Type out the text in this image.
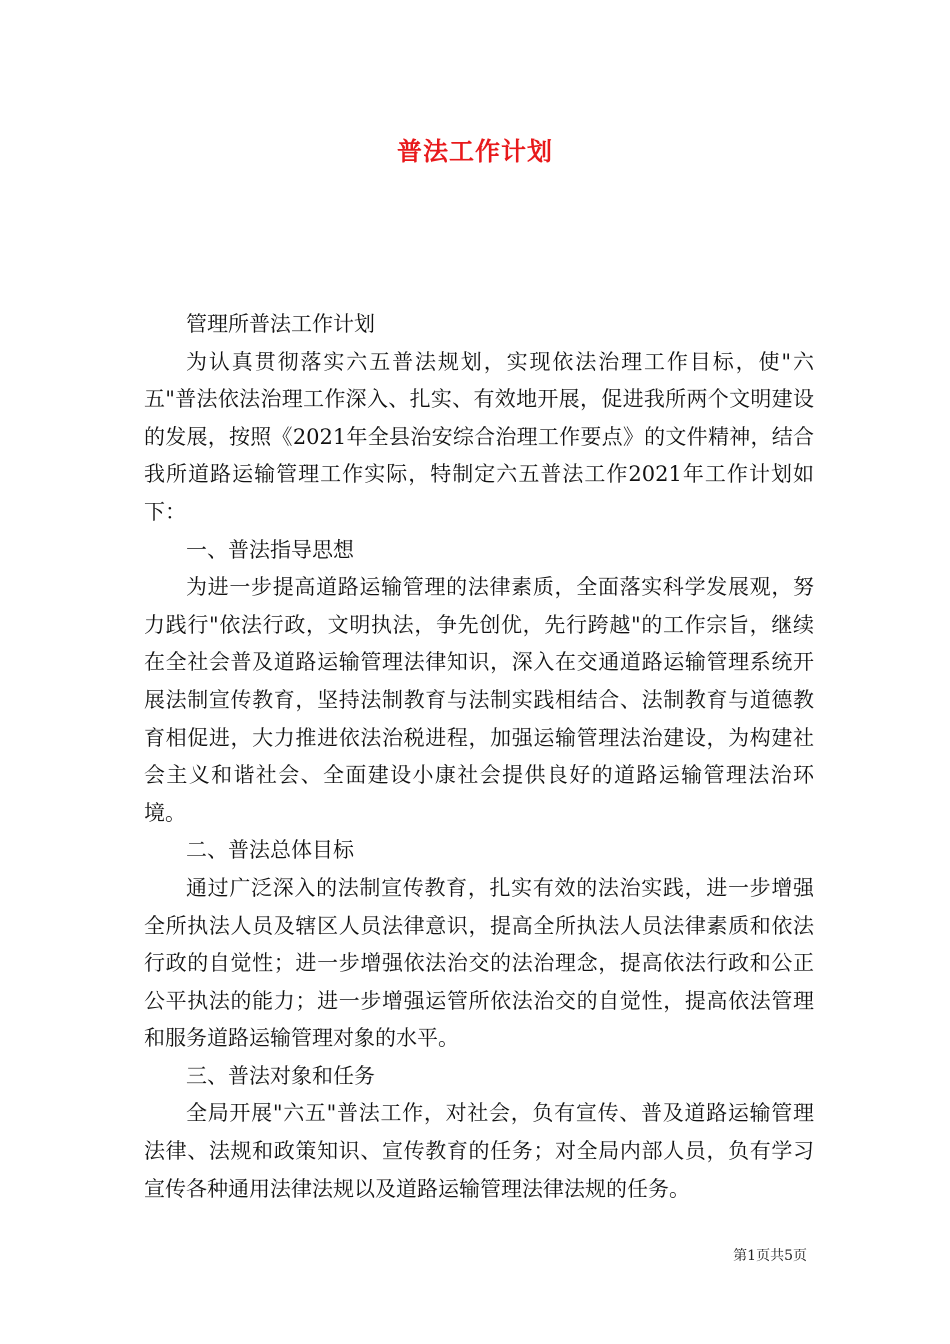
普法工作计划

管理所普法工作计划

为认真贯彻落实六五普法规划，实现依法治理工作目标，使"六五"普法依法治理工作深入、扎实、有效地开展，促进我所两个文明建设的发展，按照《2021年全县治安综合治理工作要点》的文件精神，结合我所道路运输管理工作实际，特制定六五普法工作2021年工作计划如下：

一、普法指导思想

为进一步提高道路运输管理的法律素质，全面落实科学发展观，努力践行"依法行政，文明执法，争先创优，先行跨越"的工作宗旨，继续在全社会普及道路运输管理法律知识，深入在交通道路运输管理系统开展法制宣传教育，坚持法制教育与法制实践相结合、法制教育与道德教育相促进，大力推进依法治税进程，加强运输管理法治建设，为构建社会主义和谐社会、全面建设小康社会提供良好的道路运输管理法治环境。

二、普法总体目标

通过广泛深入的法制宣传教育，扎实有效的法治实践，进一步增强全所执法人员及辖区人员法律意识，提高全所执法人员法律素质和依法行政的自觉性；进一步增强依法治交的法治理念，提高依法行政和公正公平执法的能力；进一步增强运管所依法治交的自觉性，提高依法管理和服务道路运输管理对象的水平。

三、普法对象和任务

全局开展"六五"普法工作，对社会，负有宣传、普及道路运输管理法律、法规和政策知识、宣传教育的任务；对全局内部人员，负有学习宣传各种通用法律法规以及道路运输管理法律法规的任务。

第1页共5页
